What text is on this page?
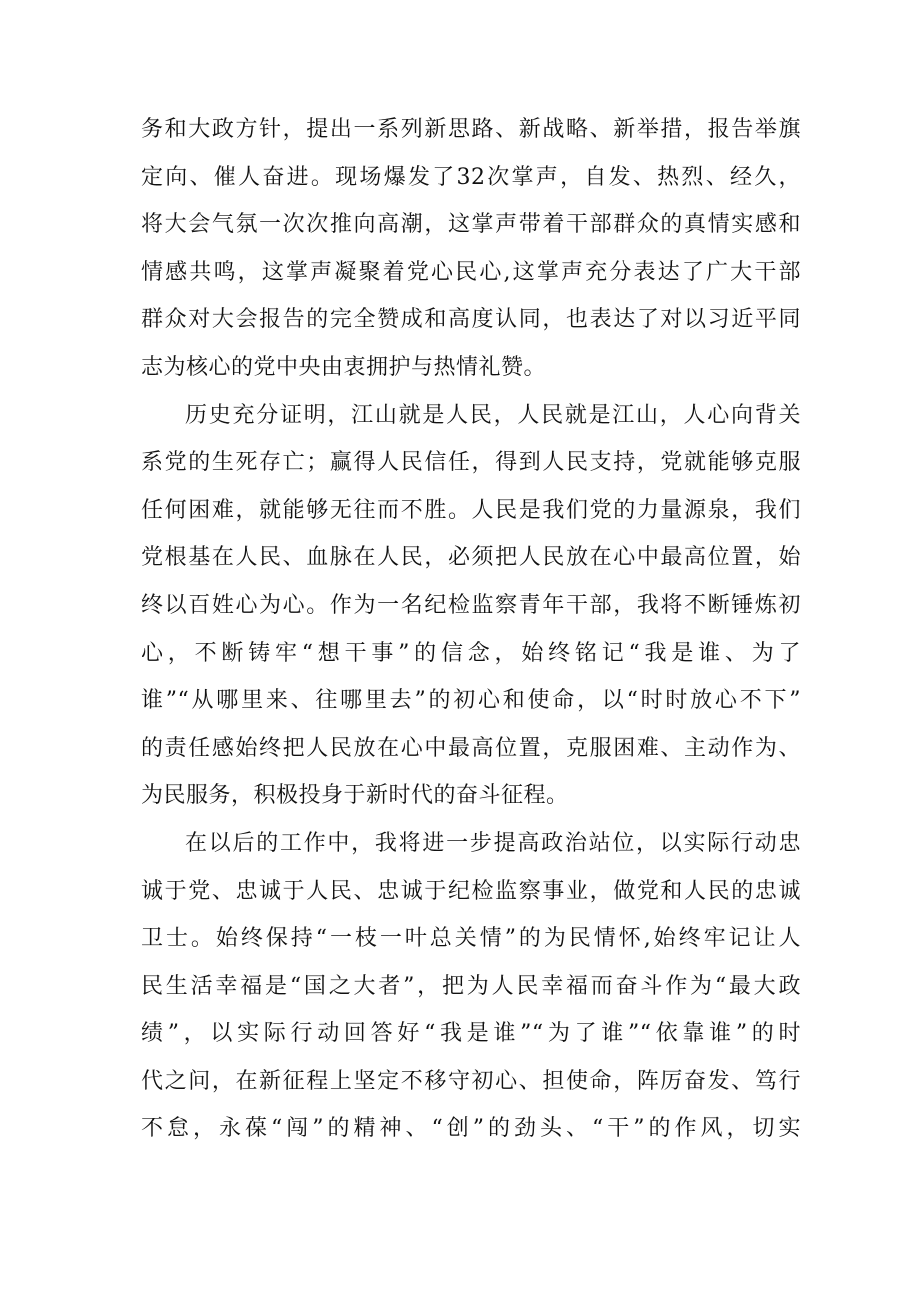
务和大政方针，提出一系列新思路、新战略、新举措，报告举旗
定向、催人奋进。现场爆发了32次掌声，自发、热烈、经久，
将大会气氛一次次推向高潮，这掌声带着干部群众的真情实感和
情感共鸣，这掌声凝聚着党心民心,这掌声充分表达了广大干部
群众对大会报告的完全赞成和高度认同，也表达了对以习近平同
志为核心的党中央由衷拥护与热情礼赞。
历史充分证明，江山就是人民，人民就是江山，人心向背关
系党的生死存亡；赢得人民信任，得到人民支持，党就能够克服
任何困难，就能够无往而不胜。人民是我们党的力量源泉，我们
党根基在人民、血脉在人民，必须把人民放在心中最高位置，始
终以百姓心为心。作为一名纪检监察青年干部，我将不断锤炼初
心，不断铸牢“想干事”的信念，始终铭记“我是谁、为了
谁”“从哪里来、往哪里去”的初心和使命，以“时时放心不下”
的责任感始终把人民放在心中最高位置，克服困难、主动作为、
为民服务，积极投身于新时代的奋斗征程。
在以后的工作中，我将进一步提高政治站位，以实际行动忠
诚于党、忠诚于人民、忠诚于纪检监察事业，做党和人民的忠诚
卫士。始终保持“一枝一叶总关情”的为民情怀,始终牢记让人
民生活幸福是“国之大者”，把为人民幸福而奋斗作为“最大政
绩”，以实际行动回答好“我是谁”“为了谁”“依靠谁”的时
代之问，在新征程上坚定不移守初心、担使命，阵厉奋发、笃行
不怠，永葆“闯”的精神、“创”的劲头、“干”的作风，切实
